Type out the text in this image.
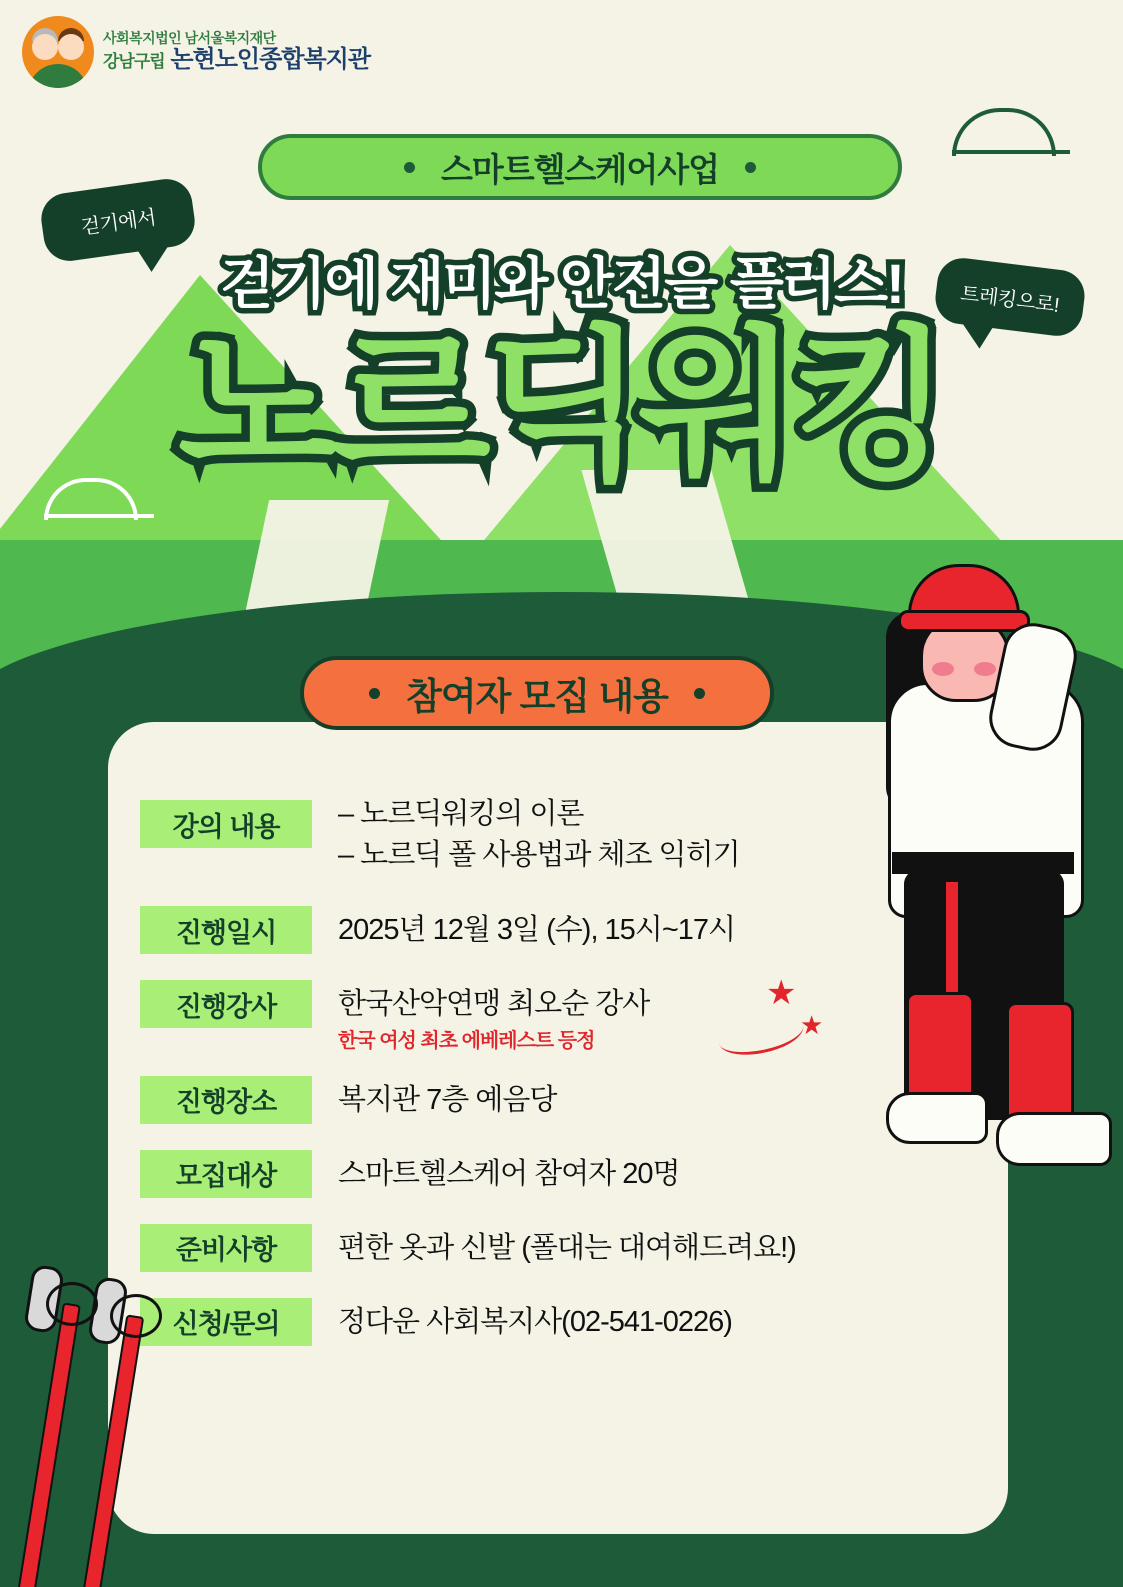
사회복지법인 남서울복지재단
강남구립 논현노인종합복지관
걷기에서
트레킹으로!
스마트헬스케어사업
걷기에 재미와 안전을 플러스!
노르딕워킹
참여자 모집 내용
강의 내용	– 노르딕워킹의 이론
– 노르딕 폴 사용법과 체조 익히기
진행일시	2025년 12월 3일 (수), 15시~17시
진행강사	한국산악연맹 최오순 강사
한국 여성 최초 에베레스트 등정
★
★
진행장소	복지관 7층 예음당
모집대상	스마트헬스케어 참여자 20명
준비사항	편한 옷과 신발 (폴대는 대여해드려요!)
신청/문의	정다운 사회복지사(02-541-0226)
